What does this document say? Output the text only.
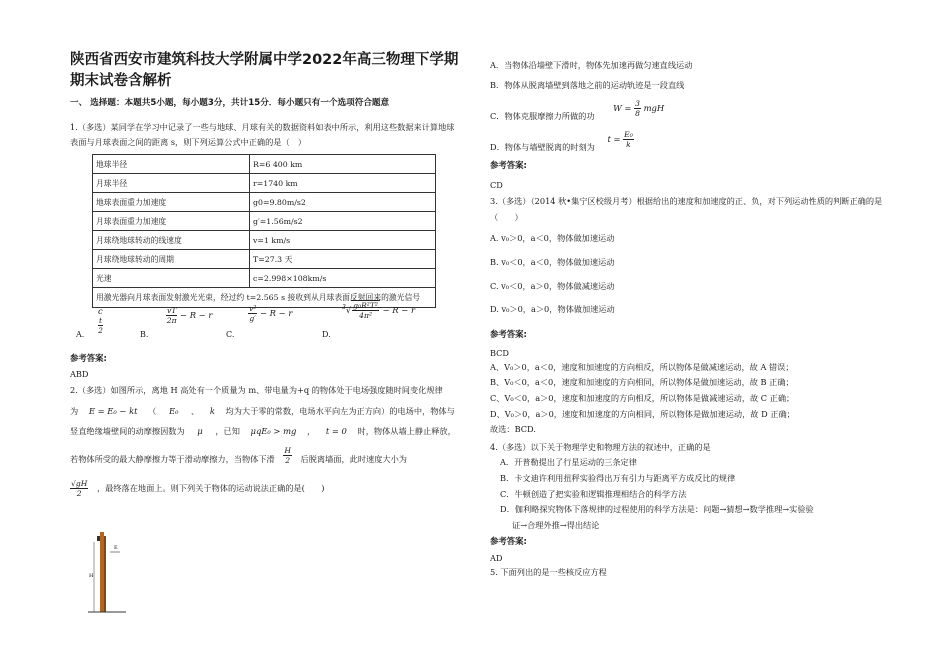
陕西省西安市建筑科技大学附属中学2022年高三物理下学期期末试卷含解析
一、 选择题：本题共5小题，每小题3分，共计15分．每小题只有一个选项符合题意
1.（多选）某同学在学习中记录了一些与地球、月球有关的数据资料如表中所示，利用这些数据来计算地球表面与月球表面之间的距离 s，则下列运算公式中正确的是（　）
地球半径	R=6 400 km
月球半径	r=1740 km
地球表面重力加速度	g0=9.80m/s2
月球表面重力加速度	g′=1.56m/s2
月球绕地球转动的线速度	v=1 km/s
月球绕地球转动的周期	T=27.3 天
光速	c=2.998×108km/s
用激光器向月球表面发射激光光束，经过约 t=2.565 s 接收到从月球表面反射回来的激光信号	
c
$\frac{t}{2}$
A.
$\frac{vT}{2\pi} - R - r$
B.
$\frac{\text{v²}}{g'} - R - r$
C.
$^3√ \frac{\text{g₀R²T²}}{\text{4π²}} - R - r$
D.
参考答案:
ABD
2.（多选）如图所示，离地 H 高处有一个质量为 m、带电量为+q 的物体处于电场强度随时间变化规律
为 E = E₀ − kt （ E₀ 、 k 均为大于零的常数，电场水平向左为正方向）的电场中，物体与
竖直绝缘墙壁间的动摩擦因数为 μ ，已知 μqE₀ > mg ， t = 0 时，物体从墙上静止释放，
若物体所受的最大静摩擦力等于滑动摩擦力，当物体下滑 $\frac{H}{2}$ 后脱离墙面，此时速度大小为
$\frac{√gH}{2}$ ，最终落在地面上。则下列关于物体的运动说法正确的是(　　)
E
H
A．当物体沿墙壁下滑时，物体先加速再做匀速直线运动
B．物体从脱离墙壁到落地之前的运动轨迹是一段直线
C．物体克服摩擦力所做的功 $W = \frac{3}{8}$ mgH
D．物体与墙壁脱离的时刻为 $t = \frac{\text{E₀}}{k}$
参考答案:
CD
3.（多选）（2014 秋•集宁区校级月考）根据给出的速度和加速度的正、负，对下列运动性质的判断正确的是（　　）
A. v₀＞0，a＜0，物体做加速运动
B. v₀＜0，a＜0，物体做加速运动
C. v₀＜0，a＞0，物体做减速运动
D. v₀＞0，a＞0，物体做加速运动
参考答案:
BCD
A、V₀＞0，a＜0，速度和加速度的方向相反，所以物体是做减速运动，故 A 错误；
B、V₀＜0，a＜0，速度和加速度的方向相同，所以物体是做加速运动，故 B 正确；
C、V₀＜0，a＞0，速度和加速度的方向相反，所以物体是做减速运动，故 C 正确；
D、V₀＞0，a＞0，速度和加速度的方向相同，所以物体是做加速运动，故 D 正确；
故选：BCD.
4.（多选）以下关于物理学史和物理方法的叙述中，正确的是
A．开普勒提出了行星运动的三条定律
B．卡文迪许利用扭秤实验得出万有引力与距离平方成反比的规律
C．牛顿创造了把实验和逻辑推理相结合的科学方法
D．伽利略探究物体下落规律的过程使用的科学方法是：问题→猜想→数学推理→实验验
证→合理外推→得出结论
参考答案:
AD
5. 下面列出的是一些核反应方程
